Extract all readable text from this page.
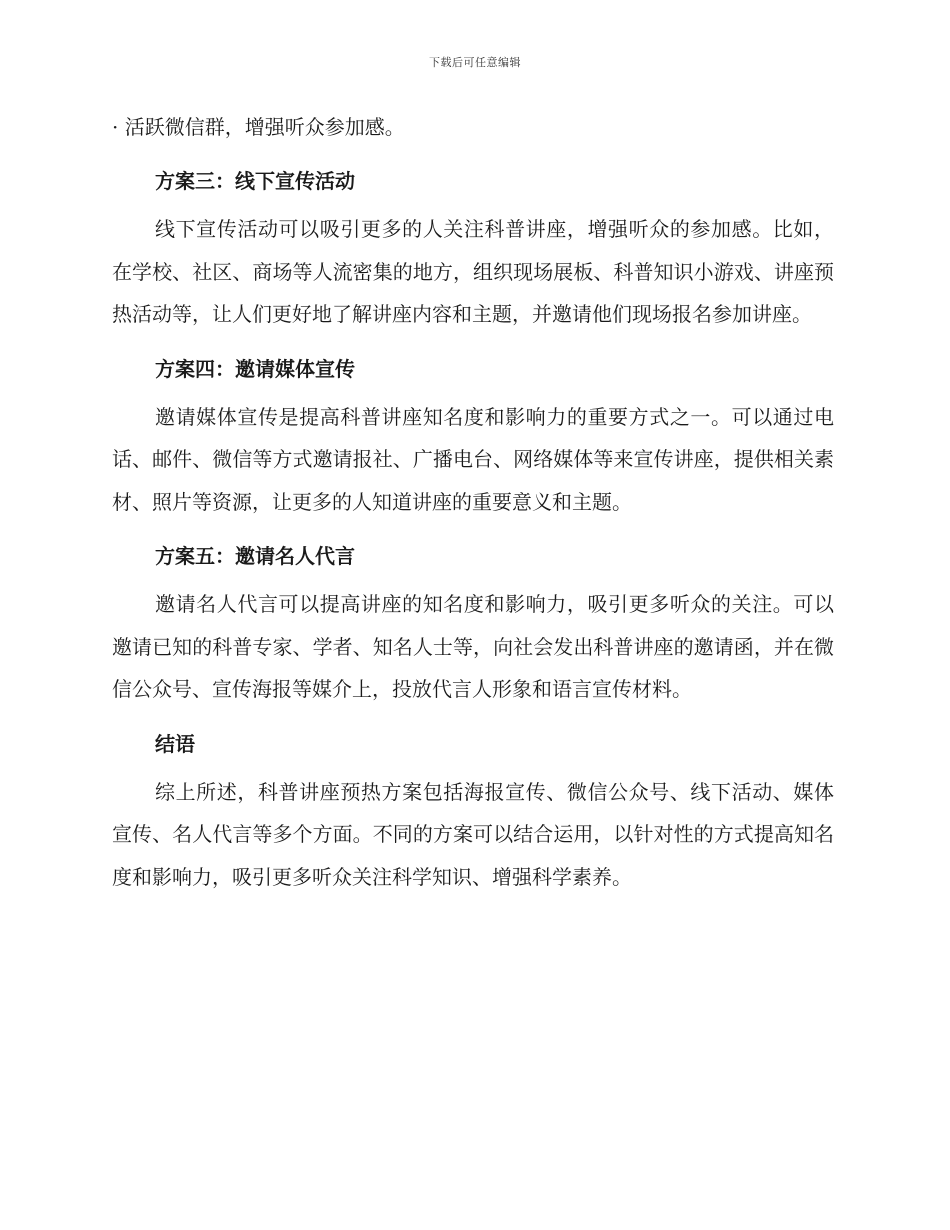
下载后可任意编辑

· 活跃微信群，增强听众参加感。

方案三：线下宣传活动

线下宣传活动可以吸引更多的人关注科普讲座，增强听众的参加感。比如，在学校、社区、商场等人流密集的地方，组织现场展板、科普知识小游戏、讲座预热活动等，让人们更好地了解讲座内容和主题，并邀请他们现场报名参加讲座。

方案四：邀请媒体宣传

邀请媒体宣传是提高科普讲座知名度和影响力的重要方式之一。可以通过电话、邮件、微信等方式邀请报社、广播电台、网络媒体等来宣传讲座，提供相关素材、照片等资源，让更多的人知道讲座的重要意义和主题。

方案五：邀请名人代言

邀请名人代言可以提高讲座的知名度和影响力，吸引更多听众的关注。可以邀请已知的科普专家、学者、知名人士等，向社会发出科普讲座的邀请函，并在微信公众号、宣传海报等媒介上，投放代言人形象和语言宣传材料。

结语

综上所述，科普讲座预热方案包括海报宣传、微信公众号、线下活动、媒体宣传、名人代言等多个方面。不同的方案可以结合运用，以针对性的方式提高知名度和影响力，吸引更多听众关注科学知识、增强科学素养。
